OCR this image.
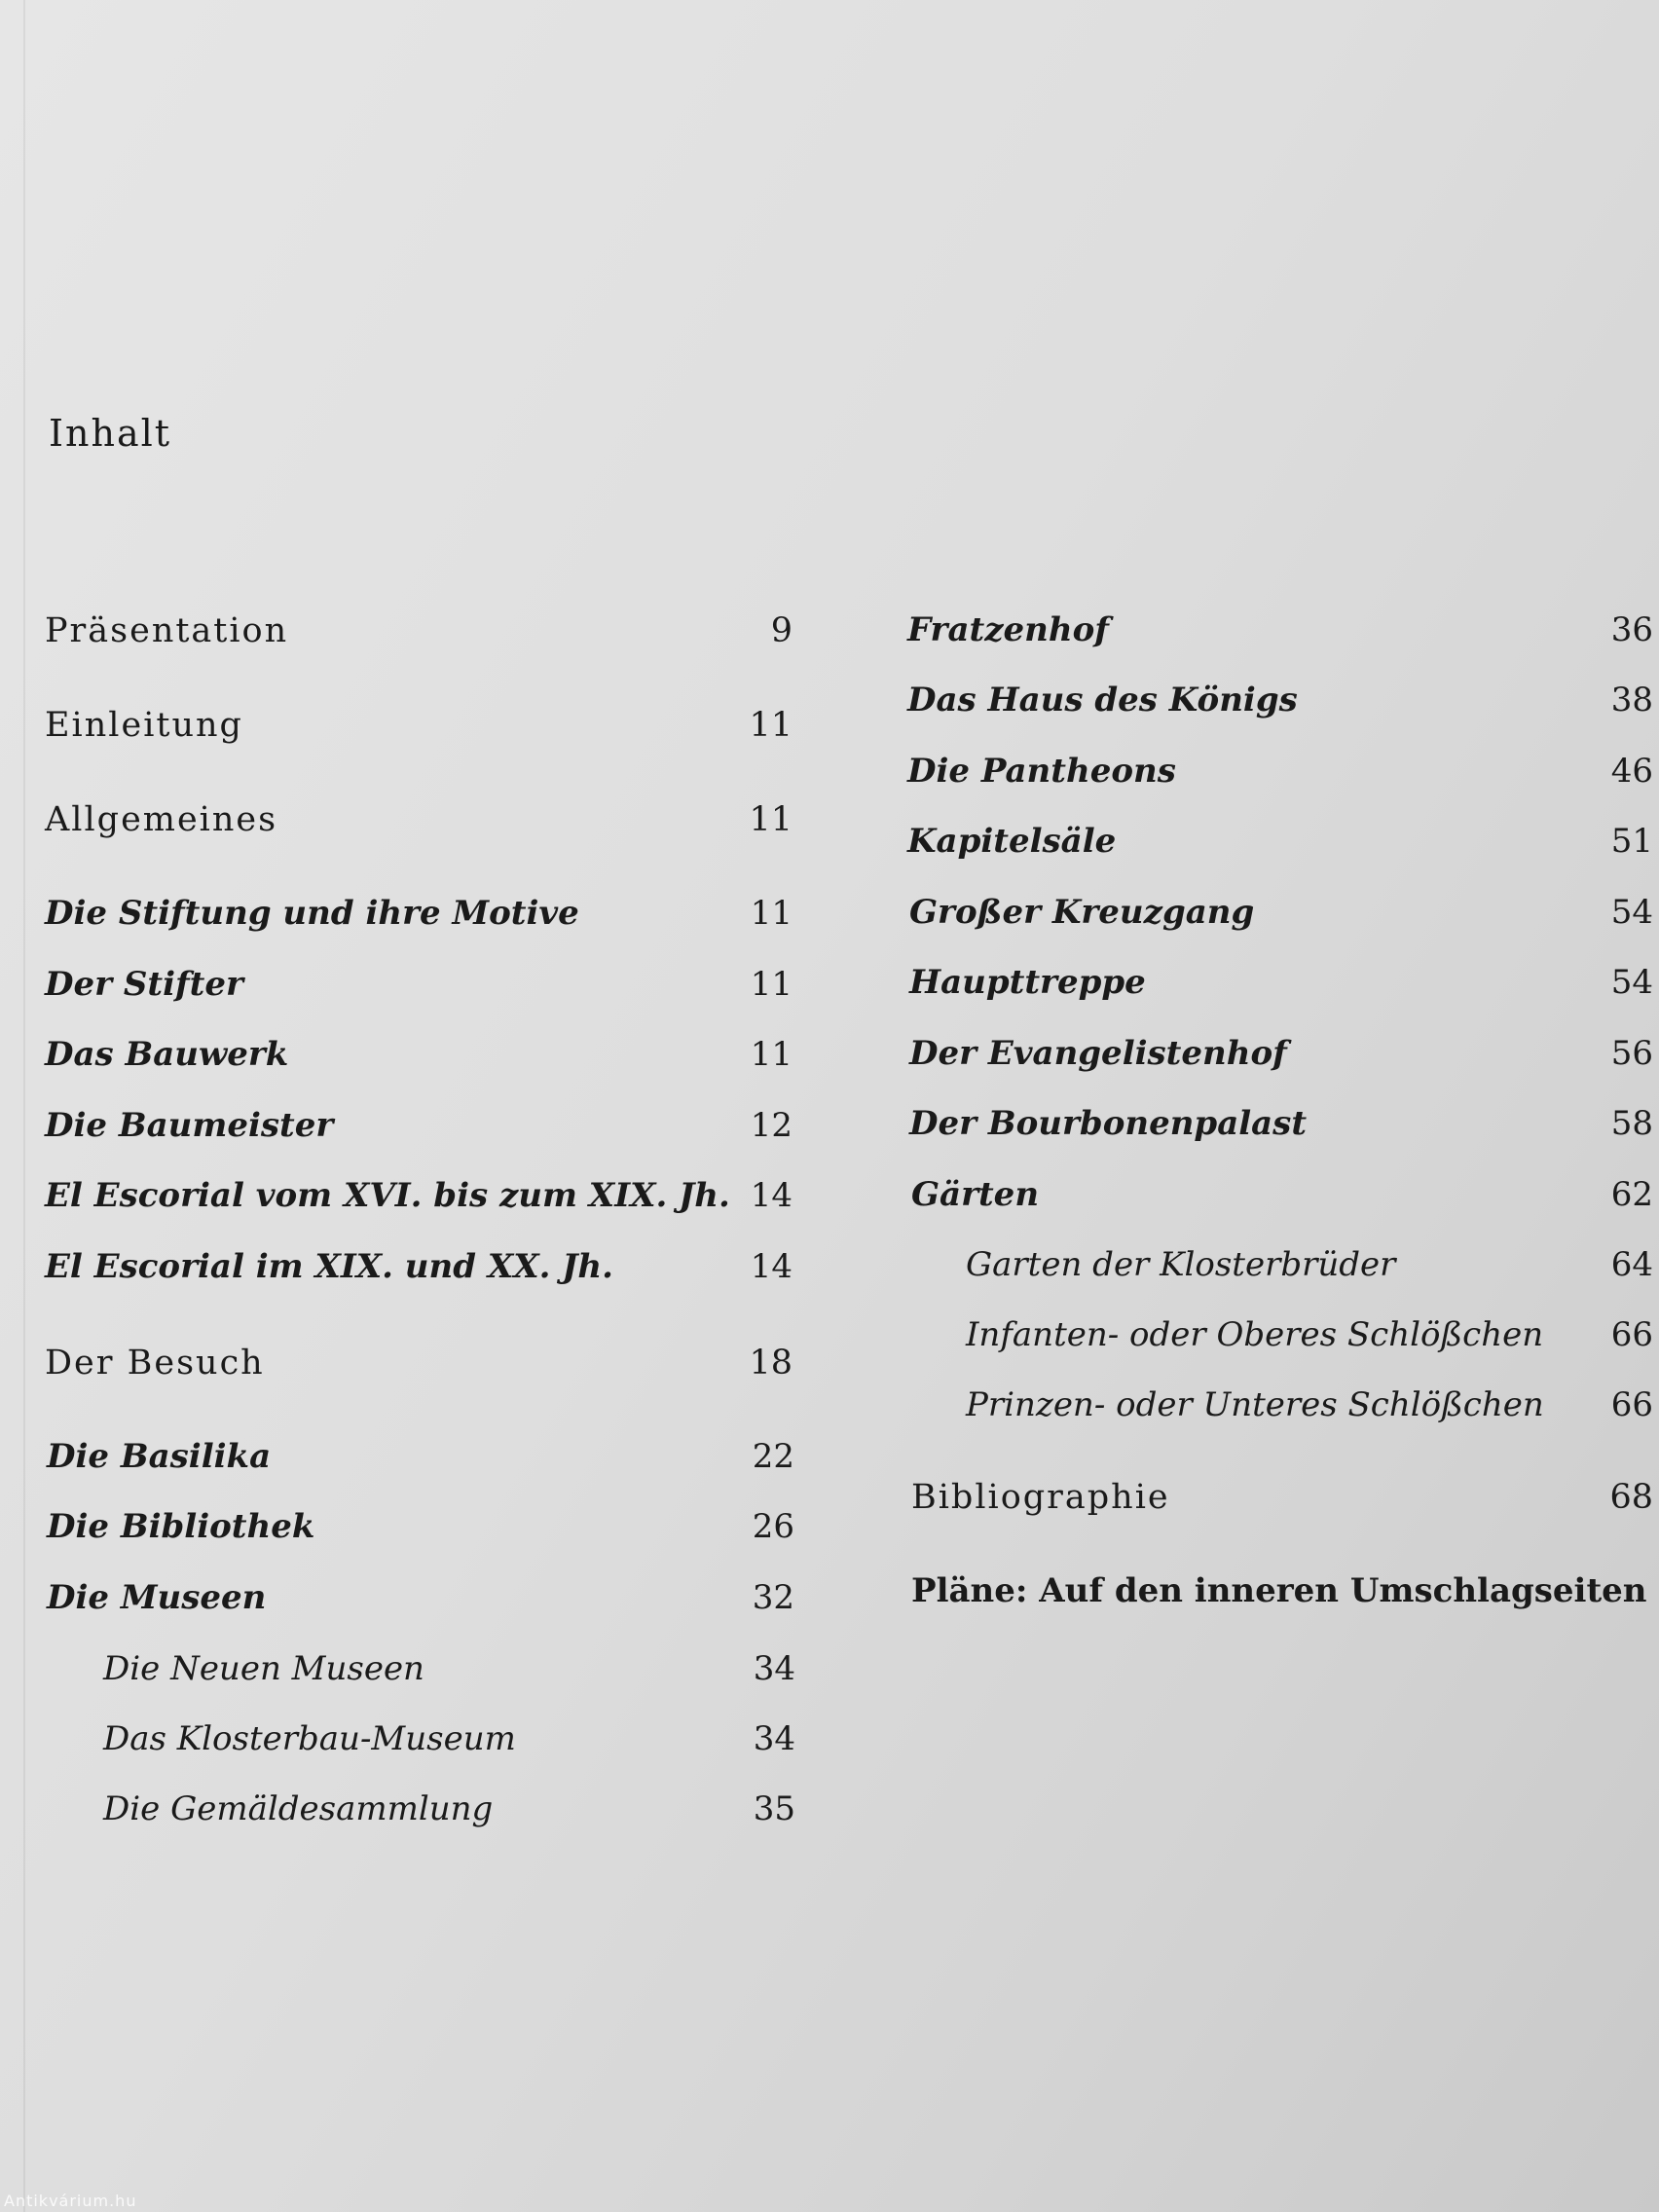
Inhalt
Präsentation	9
Einleitung	11
Allgemeines	11
Die Stiftung und ihre Motive	11
Der Stifter	11
Das Bauwerk	11
Die Baumeister	12
El Escorial vom XVI. bis zum XIX. Jh. 14
El Escorial im XIX. und XX. Jh.	14
Der Besuch	18
Die Basilika	22
Die Bibliothek	26
Die Museen	32
Die Neuen Museen	34
Das Klosterbau-Museum	34
Die Gemäldesammlung	35
Fratzenhof	36
Das Haus des Königs	38
Die Pantheons	46
Kapitelsäle	51
Großer Kreuzgang	54
Haupttreppe	54
Der Evangelistenhof	56
Der Bourbonenpalast	58
Gärten	62
Garten der Klosterbrüder	64
Infanten- oder Oberes Schlößchen	66
Prinzen- oder Unteres Schlößchen	66
Bibliographie	68
Pläne: Auf den inneren Umschlagseiten
Antikvárium.hu
